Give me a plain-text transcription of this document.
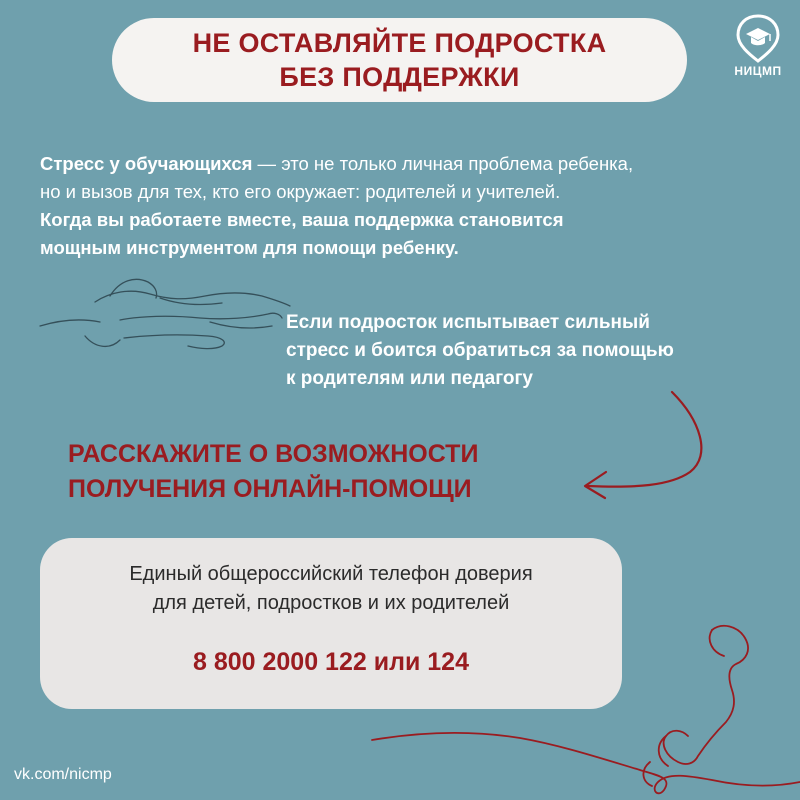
НЕ ОСТАВЛЯЙТЕ ПОДРОСТКА
БЕЗ ПОДДЕРЖКИ	НИЦМП

Стресс у обучающихся — это не только личная проблема ребенка,

но и вызов для тех, кто его окружает: родителей и учителей.

Когда вы работаете вместе, ваша поддержка становится

мощным инструментом для помощи ребенку.

Если подросток испытывает сильный

стресс и боится обратиться за помощью

к родителям или педагогу

РАССКАЖИТЕ О ВОЗМОЖНОСТИ

ПОЛУЧЕНИЯ ОНЛАЙН-ПОМОЩИ

Единый общероссийский телефон доверия

для детей, подростков и их родителей

8 800 2000 122 или 124
vk.com/nicmp
